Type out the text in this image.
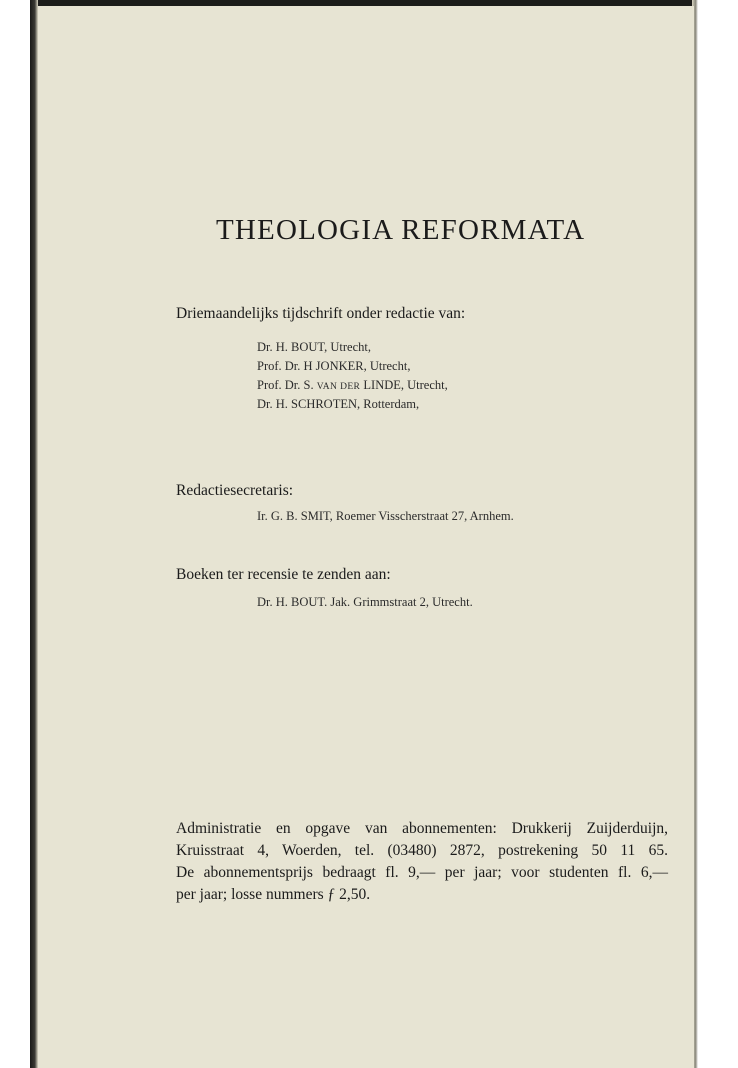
THEOLOGIA REFORMATA
Driemaandelijks tijdschrift onder redactie van:
Dr. H. BOUT, Utrecht,
Prof. Dr. H JONKER, Utrecht,
Prof. Dr. S. VAN DER LINDE, Utrecht,
Dr. H. SCHROTEN, Rotterdam,
Redactiesecretaris:
Ir. G. B. SMIT, Roemer Visscherstraat 27, Arnhem.
Boeken ter recensie te zenden aan:
Dr. H. BOUT. Jak. Grimmstraat 2, Utrecht.

Administratie en opgave van abonnementen: Drukkerij Zuijderduijn,
Kruisstraat 4, Woerden, tel. (03480) 2872, postrekening 50 11 65.
De abonnementsprijs bedraagt fl. 9,— per jaar; voor studenten fl. 6,—
per jaar; losse nummers ƒ 2,50.
